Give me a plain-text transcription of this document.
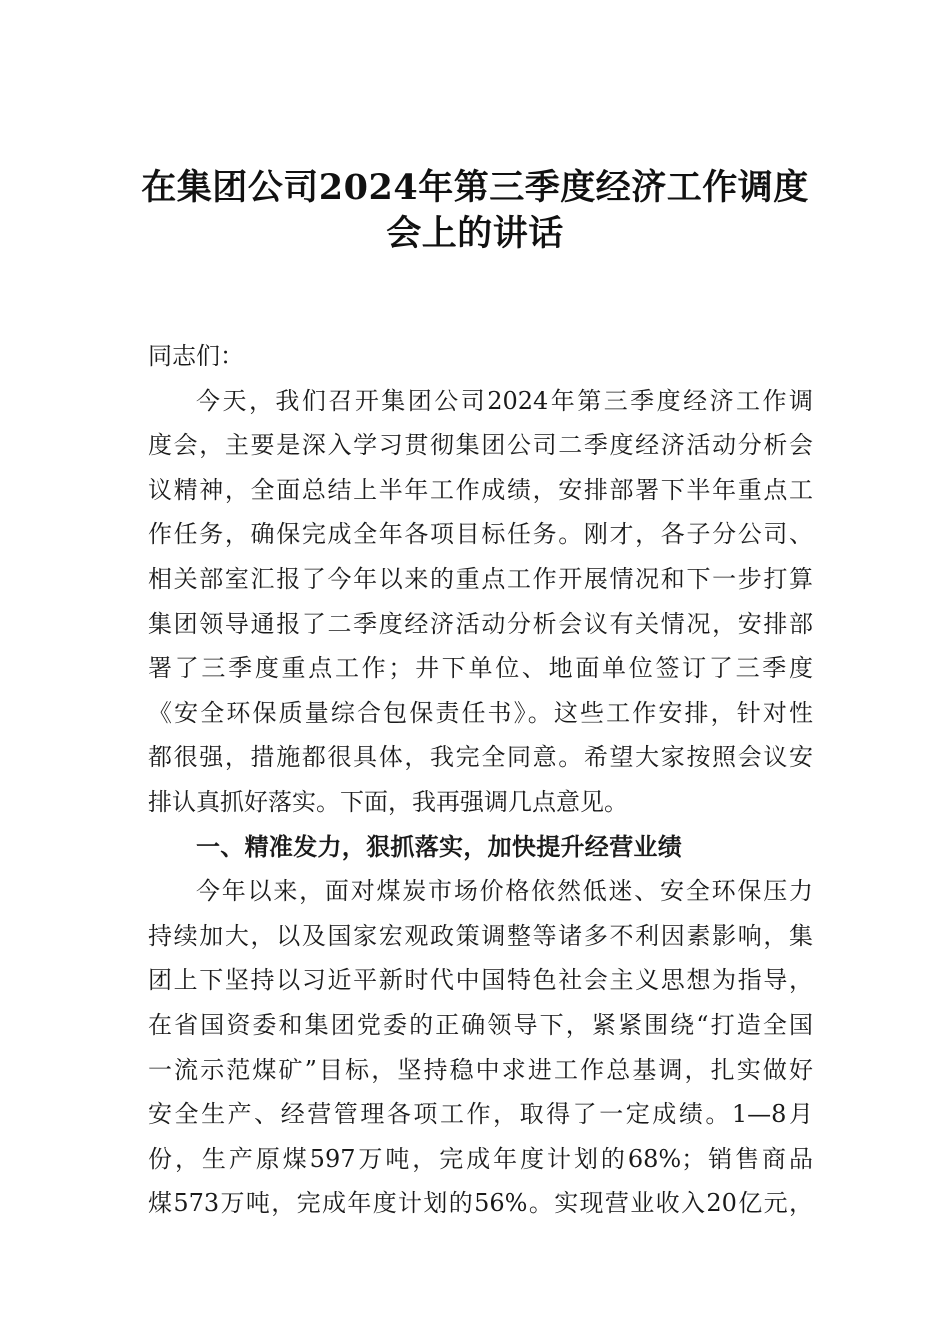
在集团公司2024年第三季度经济工作调度
会上的讲话
同志们：
今天，我们召开集团公司2024年第三季度经济工作调
度会，主要是深入学习贯彻集团公司二季度经济活动分析会
议精神，全面总结上半年工作成绩，安排部署下半年重点工
作任务，确保完成全年各项目标任务。刚才，各子分公司、
相关部室汇报了今年以来的重点工作开展情况和下一步打算
集团领导通报了二季度经济活动分析会议有关情况，安排部
署了三季度重点工作；井下单位、地面单位签订了三季度
《安全环保质量综合包保责任书》。这些工作安排，针对性
都很强，措施都很具体，我完全同意。希望大家按照会议安
排认真抓好落实。下面，我再强调几点意见。
一、精准发力，狠抓落实，加快提升经营业绩
今年以来，面对煤炭市场价格依然低迷、安全环保压力
持续加大，以及国家宏观政策调整等诸多不利因素影响，集
团上下坚持以习近平新时代中国特色社会主义思想为指导，
在省国资委和集团党委的正确领导下，紧紧围绕“打造全国
一流示范煤矿”目标，坚持稳中求进工作总基调，扎实做好
安全生产、经营管理各项工作，取得了一定成绩。1—8月
份，生产原煤597万吨，完成年度计划的68%；销售商品
煤573万吨，完成年度计划的56%。实现营业收入20亿元，
